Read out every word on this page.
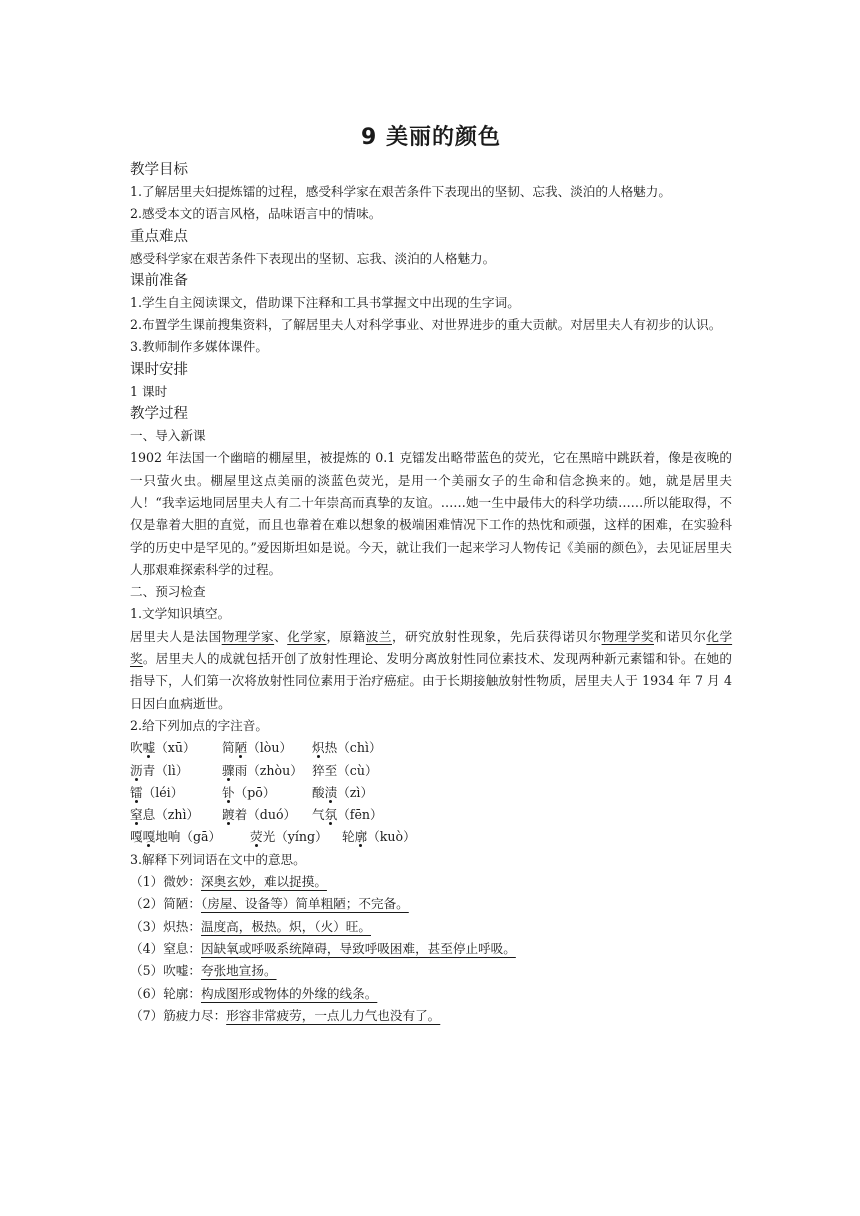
9 美丽的颜色

教学目标

1.了解居里夫妇提炼镭的过程，感受科学家在艰苦条件下表现出的坚韧、忘我、淡泊的人格魅力。

2.感受本文的语言风格，品味语言中的情味。

重点难点

感受科学家在艰苦条件下表现出的坚韧、忘我、淡泊的人格魅力。

课前准备

1.学生自主阅读课文，借助课下注释和工具书掌握文中出现的生字词。

2.布置学生课前搜集资料，了解居里夫人对科学事业、对世界进步的重大贡献。对居里夫人有初步的认识。

3.教师制作多媒体课件。

课时安排

1 课时

教学过程

一、导入新课

1902 年法国一个幽暗的棚屋里，被提炼的 0.1 克镭发出略带蓝色的荧光，它在黑暗中跳跃着，像是夜晚的一只萤火虫。棚屋里这点美丽的淡蓝色荧光，是用一个美丽女子的生命和信念换来的。她，就是居里夫人！“我幸运地同居里夫人有二十年崇高而真挚的友谊。……她一生中最伟大的科学功绩……所以能取得，不仅是靠着大胆的直觉，而且也靠着在难以想象的极端困难情况下工作的热忱和顽强，这样的困难，在实验科学的历史中是罕见的。”爱因斯坦如是说。今天，就让我们一起来学习人物传记《美丽的颜色》，去见证居里夫人那艰难探索科学的过程。

二、预习检查

1.文学知识填空。

居里夫人是法国物理学家、化学家，原籍波兰，研究放射性现象，先后获得诺贝尔物理学奖和诺贝尔化学奖。居里夫人的成就包括开创了放射性理论、发明分离放射性同位素技术、发现两种新元素镭和钋。在她的指导下，人们第一次将放射性同位素用于治疗癌症。由于长期接触放射性物质，居里夫人于 1934 年 7 月 4 日因白血病逝世。

2.给下列加点的字注音。

吹嘘（xū）	简陋（lòu）	炽热（chì）
沥青（lì）	骤雨（zhòu） 猝至（cù）
镭（léi）	钋（pō）	酸渍（zì）
窒息（zhì）	踱着（duó）	气氛（fēn）
嘎嘎地响（gā）	荧光（yíng）	轮廓（kuò）

3.解释下列词语在文中的意思。

（1）微妙：深奥玄妙，难以捉摸。

（2）简陋：（房屋、设备等）简单粗陋；不完备。

（3）炽热：温度高，极热。炽，（火）旺。

（4）窒息：因缺氧或呼吸系统障碍，导致呼吸困难，甚至停止呼吸。

（5）吹嘘：夸张地宣扬。

（6）轮廓：构成图形或物体的外缘的线条。

（7）筋疲力尽：形容非常疲劳，一点儿力气也没有了。
